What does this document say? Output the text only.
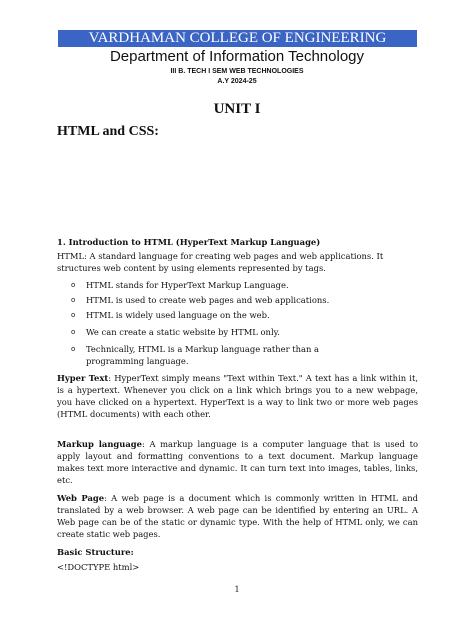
VARDHAMAN COLLEGE OF ENGINEERING
Department of Information Technology
III B. TECH I SEM WEB TECHNOLOGIES
A.Y 2024-25
UNIT I
HTML and CSS:
1. Introduction to HTML (HyperText Markup Language)
HTML: A standard language for creating web pages and web applications. It
structures web content by using elements represented by tags.
o HTML stands for HyperText Markup Language.
o HTML is used to create web pages and web applications.
o HTML is widely used language on the web.
o We can create a static website by HTML only.
o Technically, HTML is a Markup language rather than a programming language.
Hyper Text: HyperText simply means "Text within Text." A text has a link within it, is a hypertext. Whenever you click on a link which brings you to a new webpage, you have clicked on a hypertext. HyperText is a way to link two or more web pages (HTML documents) with each other.
Markup language: A markup language is a computer language that is used to apply layout and formatting conventions to a text document. Markup language makes text more interactive and dynamic. It can turn text into images, tables, links, etc.
Web Page: A web page is a document which is commonly written in HTML and translated by a web browser. A web page can be identified by entering an URL. A Web page can be of the static or dynamic type. With the help of HTML only, we can create static web pages.
Basic Structure:
<!DOCTYPE html>
1
